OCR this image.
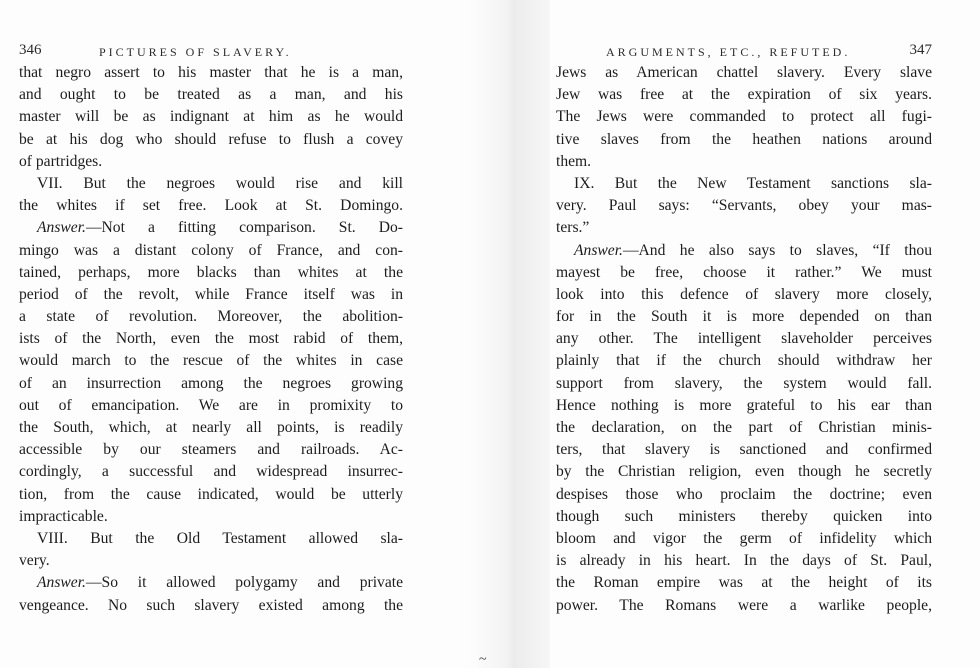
346	PICTURES OF SLAVERY.
that negro assert to his master that he is a man,
and ought to be treated as a man, and his
master will be as indignant at him as he would
be at his dog who should refuse to flush a covey
of partridges.
VII. But the negroes would rise and kill
the whites if set free. Look at St. Domingo.
Answer.—Not a fitting comparison. St. Do-
mingo was a distant colony of France, and con-
tained, perhaps, more blacks than whites at the
period of the revolt, while France itself was in
a state of revolution. Moreover, the abolition-
ists of the North, even the most rabid of them,
would march to the rescue of the whites in case
of an insurrection among the negroes growing
out of emancipation. We are in promixity to
the South, which, at nearly all points, is readily
accessible by our steamers and railroads. Ac-
cordingly, a successful and widespread insurrec-
tion, from the cause indicated, would be utterly
impracticable.
VIII. But the Old Testament allowed sla-
very.
Answer.—So it allowed polygamy and private
vengeance. No such slavery existed among the
ARGUMENTS, ETC., REFUTED.	347
Jews as American chattel slavery. Every slave
Jew was free at the expiration of six years.
The Jews were commanded to protect all fugi-
tive slaves from the heathen nations around
them.
IX. But the New Testament sanctions sla-
very. Paul says: “Servants, obey your mas-
ters.”
Answer.—And he also says to slaves, “If thou
mayest be free, choose it rather.” We must
look into this defence of slavery more closely,
for in the South it is more depended on than
any other. The intelligent slaveholder perceives
plainly that if the church should withdraw her
support from slavery, the system would fall.
Hence nothing is more grateful to his ear than
the declaration, on the part of Christian minis-
ters, that slavery is sanctioned and confirmed
by the Christian religion, even though he secretly
despises those who proclaim the doctrine; even
though such ministers thereby quicken into
bloom and vigor the germ of infidelity which
is already in his heart. In the days of St. Paul,
the Roman empire was at the height of its
power. The Romans were a warlike people,
~
